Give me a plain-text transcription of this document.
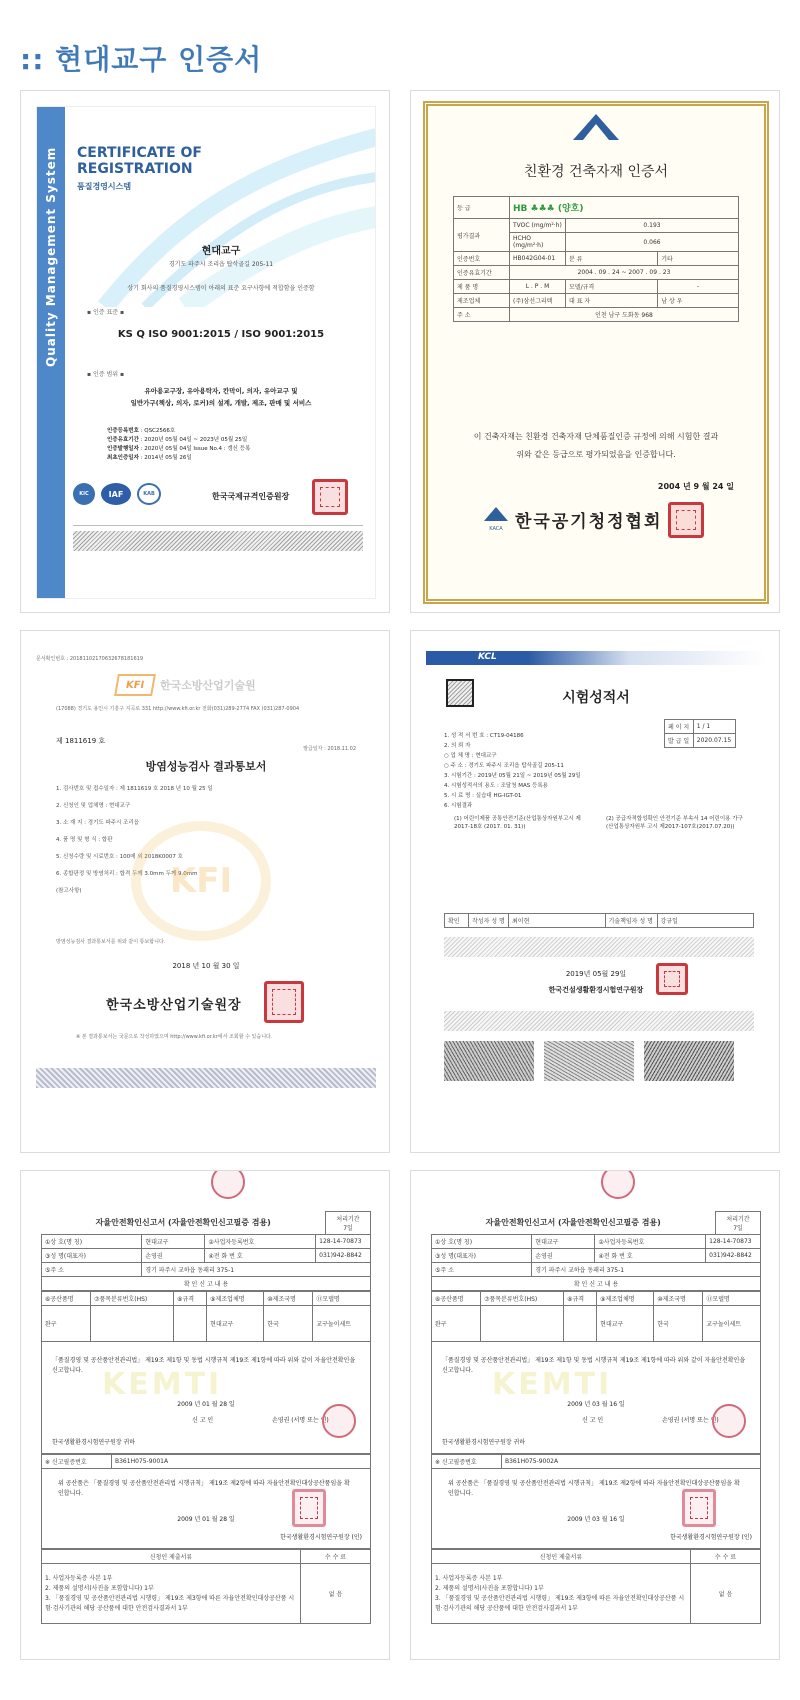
:: 현대교구 인증서
Quality Management System CERTIFICATE OF
REGISTRATION
품질경영시스템
현대교구
경기도 파주시 조리읍 탑삭골길 205-11
상기 회사의 품질경영시스템이 아래의 표준 요구사항에 적합함을 인증함
▪ 인증 표준 ▪
KS Q ISO 9001:2015 / ISO 9001:2015
▪ 인증 범위 ▪
유아용교구장, 유아용탁자, 칸막이, 의자, 유아교구 및
일반가구(책상, 의자, 로커)의 설계, 개발, 제조, 판매 및 서비스
인증등록번호 : QSC2566호
인증유효기간 : 2020년 05월 04일 ~ 2023년 05월 25일
인증발행일자 : 2020년 05월 04일 Issue No.4 : 갱신 등록
최초인증일자 : 2014년 05월 26일
KIC	IAF	KAB	한국국제규격인증원장
친환경 건축자재 인증서
등 급	HB ♣♣♣ (양호)		
평가결과	TVOC (mg/m²·h)	0.193	
	HCHO (mg/m²·h)	0.066	
인증번호	HB042G04-01	분 류	기타
인증유효기간	2004 . 09 . 24 ~ 2007 . 09 . 23		
제 품 명	L . P . M	모델/규격	-
제조업체	(주)삼선그리텍	대 표 자	남 상 우
주 소	인천 남구 도화동 968		
이 건축자재는 친환경 건축자재 단체품질인증 규정에 의해 시험한 결과
위와 같은 등급으로 평가되었음을 인증합니다.
2004 년 9 월 24 일
KACA 한국공기청정협회
문서확인번호 : 20181102170632678181619
KFI	한국소방산업기술원
(17088) 경기도 용인시 기흥구 지곡로 331 http://www.kfi.or.kr 전화(031)289-2774 FAX (031)287-0904
제 1811619 호
발급일자 : 2018.11.02
방염성능검사 결과통보서
1. 검사번호 및 접수일자 : 제 1811619 호 2018 년 10 월 25 일
2. 신청인 및 업체명 : 현대교구
3. 소 재 지 : 경기도 파주시 조리읍
4. 품 명 및 형 식 : 합판
5. 신청수량 및 시료번호 : 100매 외 2018K0007 호
6. 종합판정 및 방염처리 : 합격 두께 3.0mm 두께 9.0mm
(참고사항)	KFI
방염성능검사 결과통보서를 위와 같이 통보합니다.
2018 년 10 월 30 일
한국소방산업기술원장
※ 본 결과통보서는 국문으로 작성하였으며 http://www.kfi.or.kr에서 조회할 수 있습니다.
KCL
시험성적서
페 이 지	1 / 1
발 급 일	2020.07.15
1. 성 적 서 번 호 : CT19-04186
2. 의 뢰 자
○ 업 체 명 : 현대교구
○ 주 소 : 경기도 파주시 조리읍 탑삭골길 205-11
3. 시험기간 : 2019년 05월 21일 ~ 2019년 05월 29일
4. 시험성적서의 용도 : 조달청 MAS 등록용
5. 시 료 명 : 실습대 HG-IGT-01
6. 시험결과
(1) 어린이제품 공통안전기준(산업통상자원부고시 제2017-18호 (2017. 01. 31))
(2) 공급자적합성확인 안전기준 부속서 14 어린이용 가구(산업통상자원부 고시 제2017-107호(2017.07.20))
확인	작성자 성 명	최이현	기술책임자 성 명	강규일
2019년 05월 29일
한국건설생활환경시험연구원장
자율안전확인신고서 (자율안전확인신고필증 겸용)				처리기간
7일

①상 호(명 칭)	현대교구	②사업자등록번호	128-14-70873	
③성 명(대표자)	손영권	④전 화 번 호	031)942-8842	
⑤주 소	경기 파주시 교하읍 동패리 375-1			
확 인 신 고 내 용				
⑥공산품명	⑦품목분류번호(HS)	⑧규격	⑨제조업체명	⑩제조국명	⑪모델명
완구			현대교구	한국	교구놀이세트
「품질경영 및 공산품안전관리법」 제19조 제1항 및 동법 시행규칙 제19조 제1항에 따라 위와 같이 자율안전확인을 신고합니다. KEMTI
2009 년 01 월 28 일
신 고 인	손영권 (서명 또는 인)
한국생활환경시험연구원장 귀하
※ 신고필증번호	B361H075-9001A
위 공산품은 「품질경영 및 공산품안전관리법 시행규칙」 제19조 제2항에 따라 자율안전확인대상공산품임을 확인합니다.
2009 년 01 월 28 일
한국생활환경시험연구원장 (인)
신청인 제출서류	수 수 료

1. 사업자등록증 사본 1부
2. 제품의 설명서(사진을 포함합니다) 1부
3. 「품질경영 및 공산품안전관리법 시행령」 제19조 제3항에 따른 자율안전확인대상공산품 시험·검사기관의 해당 공산품에 대한 안전검사결과서 1부	없 음
자율안전확인신고서 (자율안전확인신고필증 겸용)				처리기간
7일

①상 호(명 칭)	현대교구	②사업자등록번호	128-14-70873	
③성 명(대표자)	손영권	④전 화 번 호	031)942-8842	
⑤주 소	경기 파주시 교하읍 동패리 375-1			
확 인 신 고 내 용				
⑥공산품명	⑦품목분류번호(HS)	⑧규격	⑨제조업체명	⑩제조국명	⑪모델명
완구			현대교구	한국	교구놀이세트
「품질경영 및 공산품안전관리법」 제19조 제1항 및 동법 시행규칙 제19조 제1항에 따라 위와 같이 자율안전확인을 신고합니다. KEMTI
2009 년 03 월 16 일
신 고 인	손영권 (서명 또는 인)
한국생활환경시험연구원장 귀하
※ 신고필증번호	B361H075-9002A
위 공산품은 「품질경영 및 공산품안전관리법 시행규칙」 제19조 제2항에 따라 자율안전확인대상공산품임을 확인합니다.
2009 년 03 월 16 일
한국생활환경시험연구원장 (인)
신청인 제출서류	수 수 료

1. 사업자등록증 사본 1부
2. 제품의 설명서(사진을 포함합니다) 1부
3. 「품질경영 및 공산품안전관리법 시행령」 제19조 제3항에 따른 자율안전확인대상공산품 시험·검사기관의 해당 공산품에 대한 안전검사결과서 1부	없 음
